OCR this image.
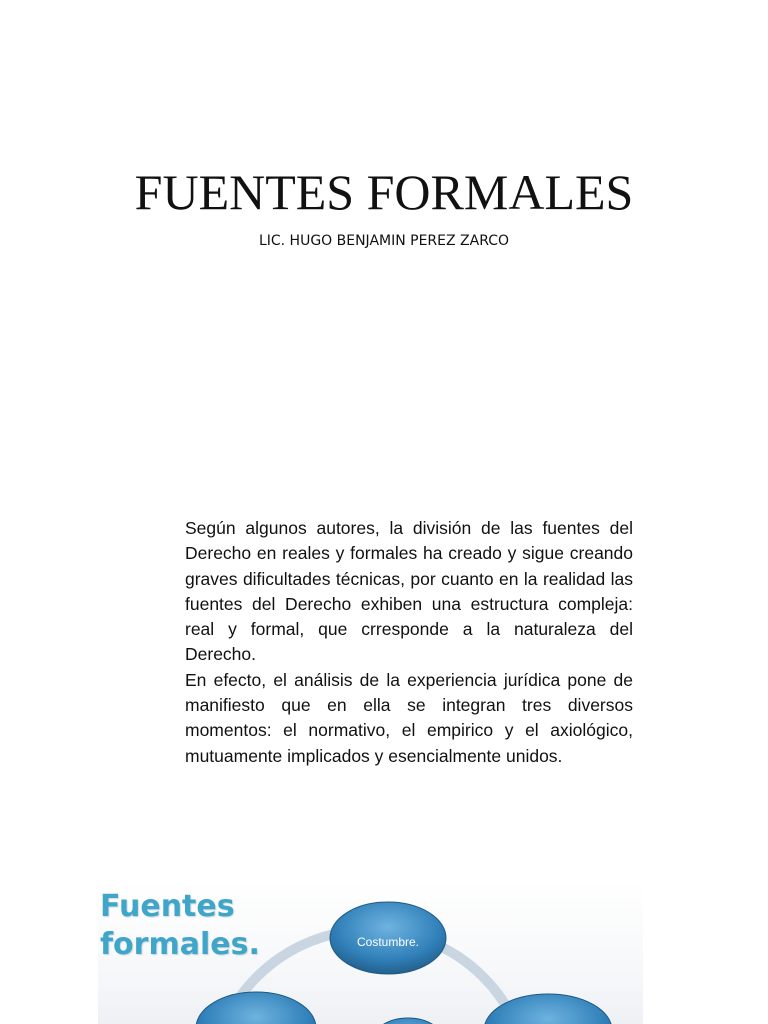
FUENTES FORMALES
LIC. HUGO BENJAMIN PEREZ ZARCO

Según algunos autores, la división de las fuentes del Derecho en reales y formales ha creado y sigue creando graves dificultades técnicas, por cuanto en la realidad las fuentes del Derecho exhiben una estructura compleja: real y formal, que crresponde a la naturaleza del Derecho.

En efecto, el análisis de la experiencia jurídica pone de manifiesto que en ella se integran tres diversos momentos: el normativo, el empirico y el axiológico, mutuamente implicados y esencialmente unidos.

Costumbre.
Fuentes
formales.
